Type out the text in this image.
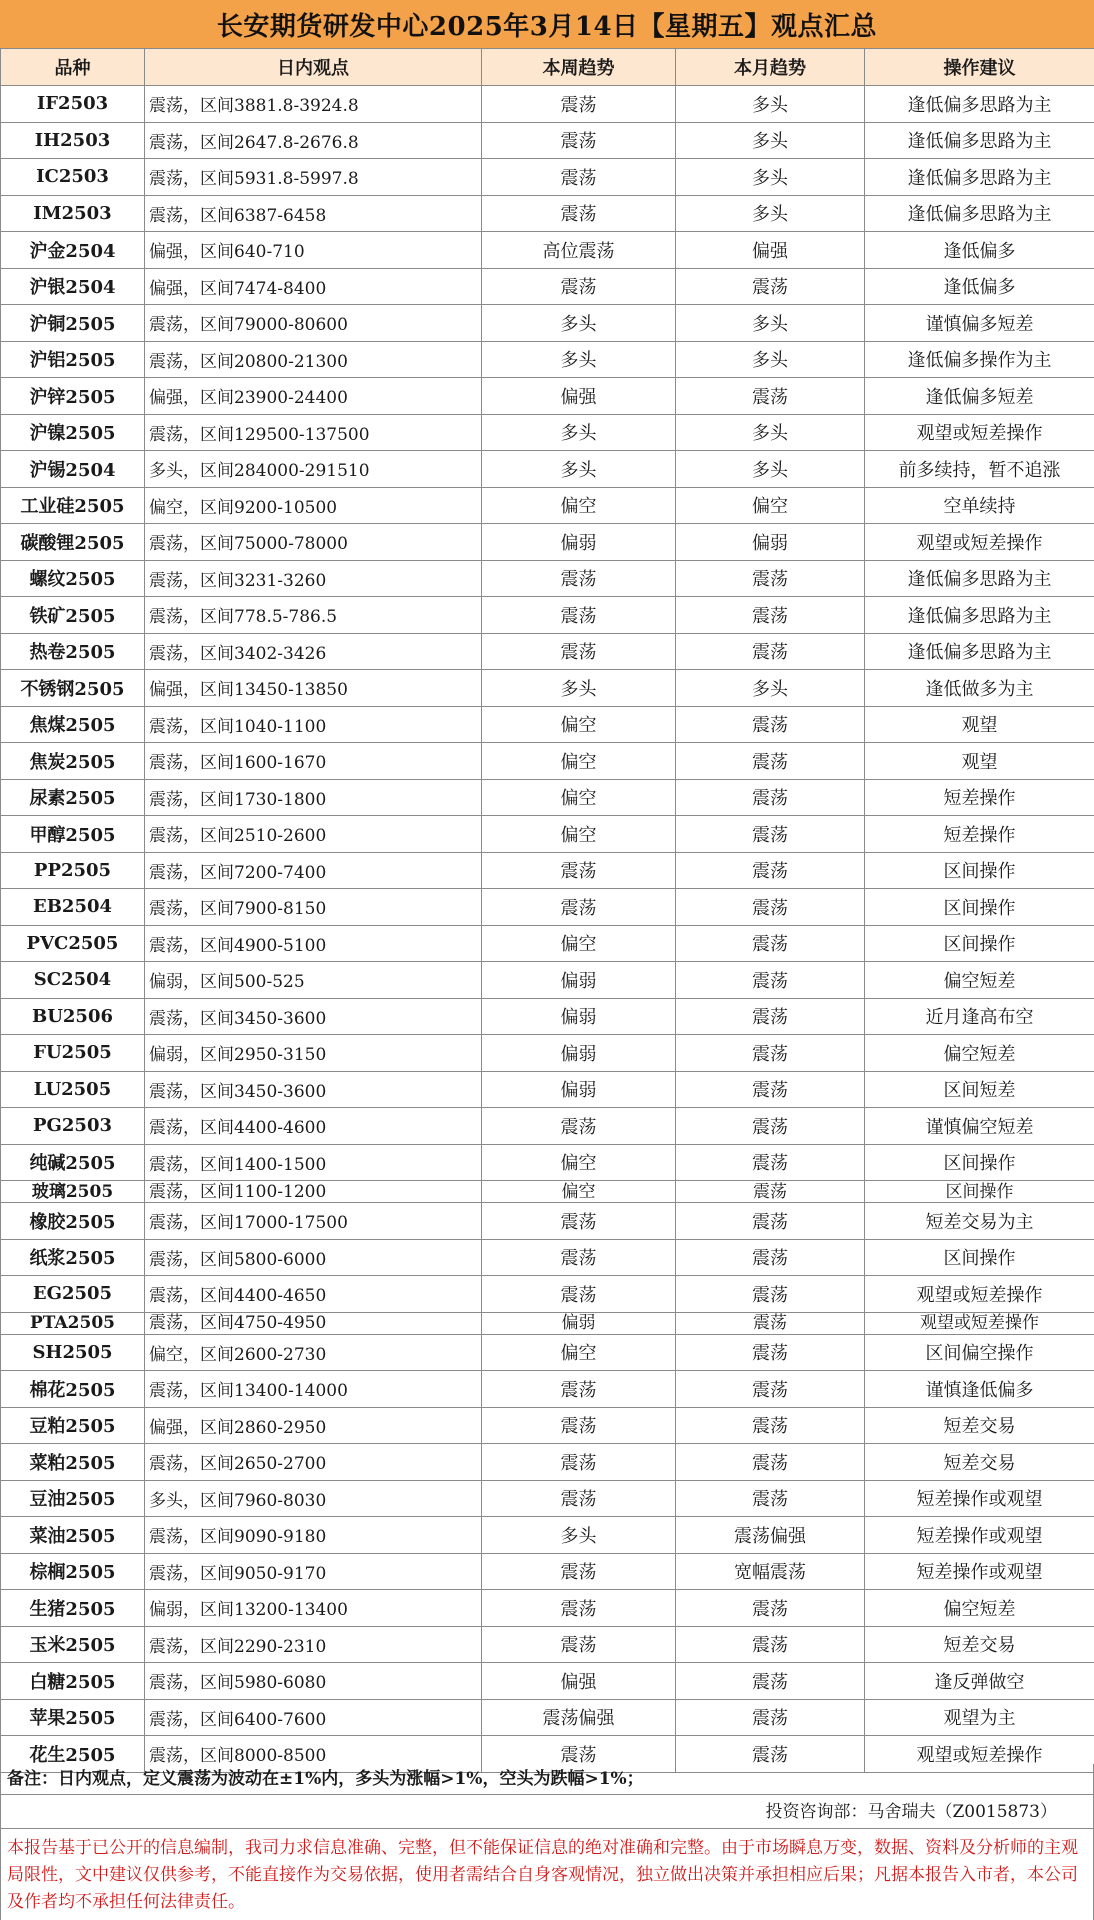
长安期货研发中心2025年3月14日【星期五】观点汇总
品种	日内观点	本周趋势	本月趋势	操作建议
IF2503	震荡，区间3881.8-3924.8	震荡	多头	逢低偏多思路为主
IH2503	震荡，区间2647.8-2676.8	震荡	多头	逢低偏多思路为主
IC2503	震荡，区间5931.8-5997.8	震荡	多头	逢低偏多思路为主
IM2503	震荡，区间6387-6458	震荡	多头	逢低偏多思路为主
沪金2504	偏强，区间640-710	高位震荡	偏强	逢低偏多
沪银2504	偏强，区间7474-8400	震荡	震荡	逢低偏多
沪铜2505	震荡，区间79000-80600	多头	多头	谨慎偏多短差
沪铝2505	震荡，区间20800-21300	多头	多头	逢低偏多操作为主
沪锌2505	偏强，区间23900-24400	偏强	震荡	逢低偏多短差
沪镍2505	震荡，区间129500-137500	多头	多头	观望或短差操作
沪锡2504	多头，区间284000-291510	多头	多头	前多续持，暂不追涨
工业硅2505	偏空，区间9200-10500	偏空	偏空	空单续持
碳酸锂2505	震荡，区间75000-78000	偏弱	偏弱	观望或短差操作
螺纹2505	震荡，区间3231-3260	震荡	震荡	逢低偏多思路为主
铁矿2505	震荡，区间778.5-786.5	震荡	震荡	逢低偏多思路为主
热卷2505	震荡，区间3402-3426	震荡	震荡	逢低偏多思路为主
不锈钢2505	偏强，区间13450-13850	多头	多头	逢低做多为主
焦煤2505	震荡，区间1040-1100	偏空	震荡	观望
焦炭2505	震荡，区间1600-1670	偏空	震荡	观望
尿素2505	震荡，区间1730-1800	偏空	震荡	短差操作
甲醇2505	震荡，区间2510-2600	偏空	震荡	短差操作
PP2505	震荡，区间7200-7400	震荡	震荡	区间操作
EB2504	震荡，区间7900-8150	震荡	震荡	区间操作
PVC2505	震荡，区间4900-5100	偏空	震荡	区间操作
SC2504	偏弱，区间500-525	偏弱	震荡	偏空短差
BU2506	震荡，区间3450-3600	偏弱	震荡	近月逢高布空
FU2505	偏弱，区间2950-3150	偏弱	震荡	偏空短差
LU2505	震荡，区间3450-3600	偏弱	震荡	区间短差
PG2503	震荡，区间4400-4600	震荡	震荡	谨慎偏空短差
纯碱2505	震荡，区间1400-1500	偏空	震荡	区间操作
玻璃2505	震荡，区间1100-1200	偏空	震荡	区间操作
橡胶2505	震荡，区间17000-17500	震荡	震荡	短差交易为主
纸浆2505	震荡，区间5800-6000	震荡	震荡	区间操作
EG2505	震荡，区间4400-4650	震荡	震荡	观望或短差操作
PTA2505	震荡，区间4750-4950	偏弱	震荡	观望或短差操作
SH2505	偏空，区间2600-2730	偏空	震荡	区间偏空操作
棉花2505	震荡，区间13400-14000	震荡	震荡	谨慎逢低偏多
豆粕2505	偏强，区间2860-2950	震荡	震荡	短差交易
菜粕2505	震荡，区间2650-2700	震荡	震荡	短差交易
豆油2505	多头，区间7960-8030	震荡	震荡	短差操作或观望
菜油2505	震荡，区间9090-9180	多头	震荡偏强	短差操作或观望
棕榈2505	震荡，区间9050-9170	震荡	宽幅震荡	短差操作或观望
生猪2505	偏弱，区间13200-13400	震荡	震荡	偏空短差
玉米2505	震荡，区间2290-2310	震荡	震荡	短差交易
白糖2505	震荡，区间5980-6080	偏强	震荡	逢反弹做空
苹果2505	震荡，区间6400-7600	震荡偏强	震荡	观望为主
花生2505	震荡，区间8000-8500	震荡	震荡	观望或短差操作
备注：日内观点，定义震荡为波动在±1%内，多头为涨幅>1%，空头为跌幅>1%；
投资咨询部：马舍瑞夫（Z0015873）
本报告基于已公开的信息编制，我司力求信息准确、完整，但不能保证信息的绝对准确和完整。由于市场瞬息万变，数据、资料及分析师的主观局限性，文中建议仅供参考，不能直接作为交易依据，使用者需结合自身客观情况，独立做出决策并承担相应后果；凡据本报告入市者，本公司及作者均不承担任何法律责任。
